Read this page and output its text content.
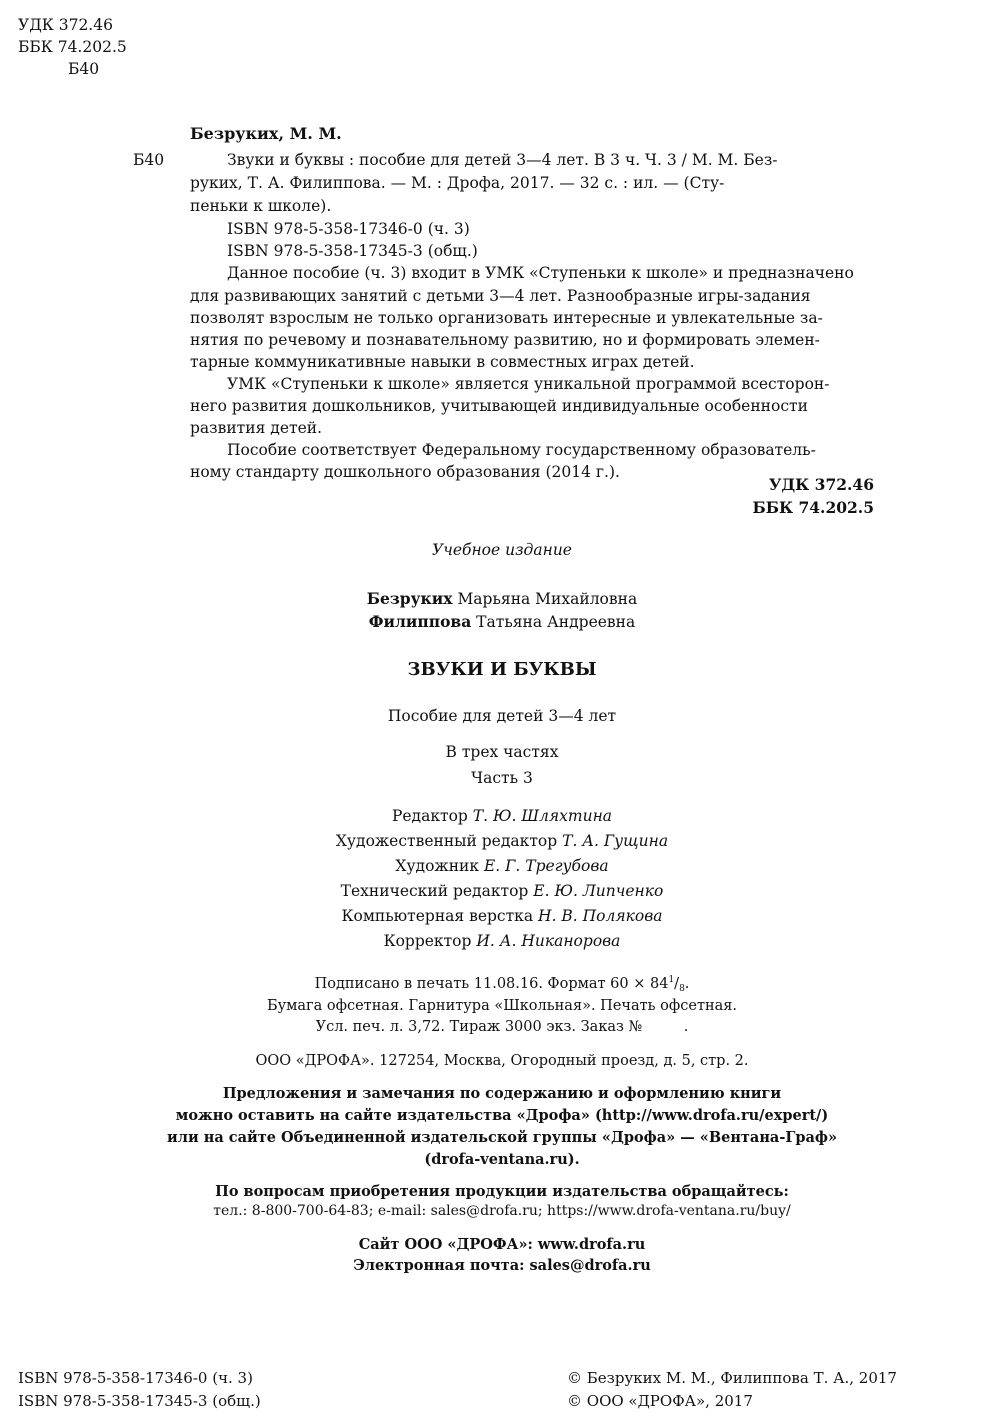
УДК 372.46
ББК 74.202.5
Б40
Безруких, М. М.
Б40	Звуки и буквы : пособие для детей 3—4 лет. В 3 ч. Ч. 3 / М. М. Без-
руких, Т. А. Филиппова. — М. : Дрофа, 2017. — 32 с. : ил. — (Сту-
пеньки к школе).
ISBN 978-5-358-17346-0 (ч. 3)
ISBN 978-5-358-17345-3 (общ.)
Данное пособие (ч. 3) входит в УМК «Ступеньки к школе» и предназначено
для развивающих занятий с детьми 3—4 лет. Разнообразные игры-задания
позволят взрослым не только организовать интересные и увлекательные за-
нятия по речевому и познавательному развитию, но и формировать элемен-
тарные коммуникативные навыки в совместных играх детей.
УМК «Ступеньки к школе» является уникальной программой всесторон-
него развития дошкольников, учитывающей индивидуальные особенности
развития детей.
Пособие соответствует Федеральному государственному образователь-
ному стандарту дошкольного образования (2014 г.).
УДК 372.46
ББК 74.202.5
Учебное издание
Безруких Марьяна Михайловна
Филиппова Татьяна Андреевна
ЗВУКИ И БУКВЫ
Пособие для детей 3—4 лет
В трех частях
Часть 3
Редактор Т. Ю. Шляхтина
Художественный редактор Т. А. Гущина
Художник Е. Г. Трегубова
Технический редактор Е. Ю. Липченко
Компьютерная верстка Н. В. Полякова
Корректор И. А. Никанорова
Подписано в печать 11.08.16. Формат $60 \times 84^1/_8$.
Бумага офсетная. Гарнитура «Школьная». Печать офсетная.
Усл. печ. л. 3,72. Тираж 3000 экз. Заказ №         .
ООО «ДРОФА». 127254, Москва, Огородный проезд, д. 5, стр. 2.
Предложения и замечания по содержанию и оформлению книги
можно оставить на сайте издательства «Дрофа» (http://www.drofa.ru/expert/)
или на сайте Объединенной издательской группы «Дрофа» — «Вентана-Граф»
(drofa-ventana.ru).
По вопросам приобретения продукции издательства обращайтесь:
тел.: 8-800-700-64-83; e-mail: sales@drofa.ru; https://www.drofa-ventana.ru/buy/
Сайт ООО «ДРОФА»: www.drofa.ru
Электронная почта: sales@drofa.ru
ISBN 978-5-358-17346-0 (ч. 3)
ISBN 978-5-358-17345-3 (общ.)
© Безруких М. М., Филиппова Т. А., 2017
© ООО «ДРОФА», 2017
